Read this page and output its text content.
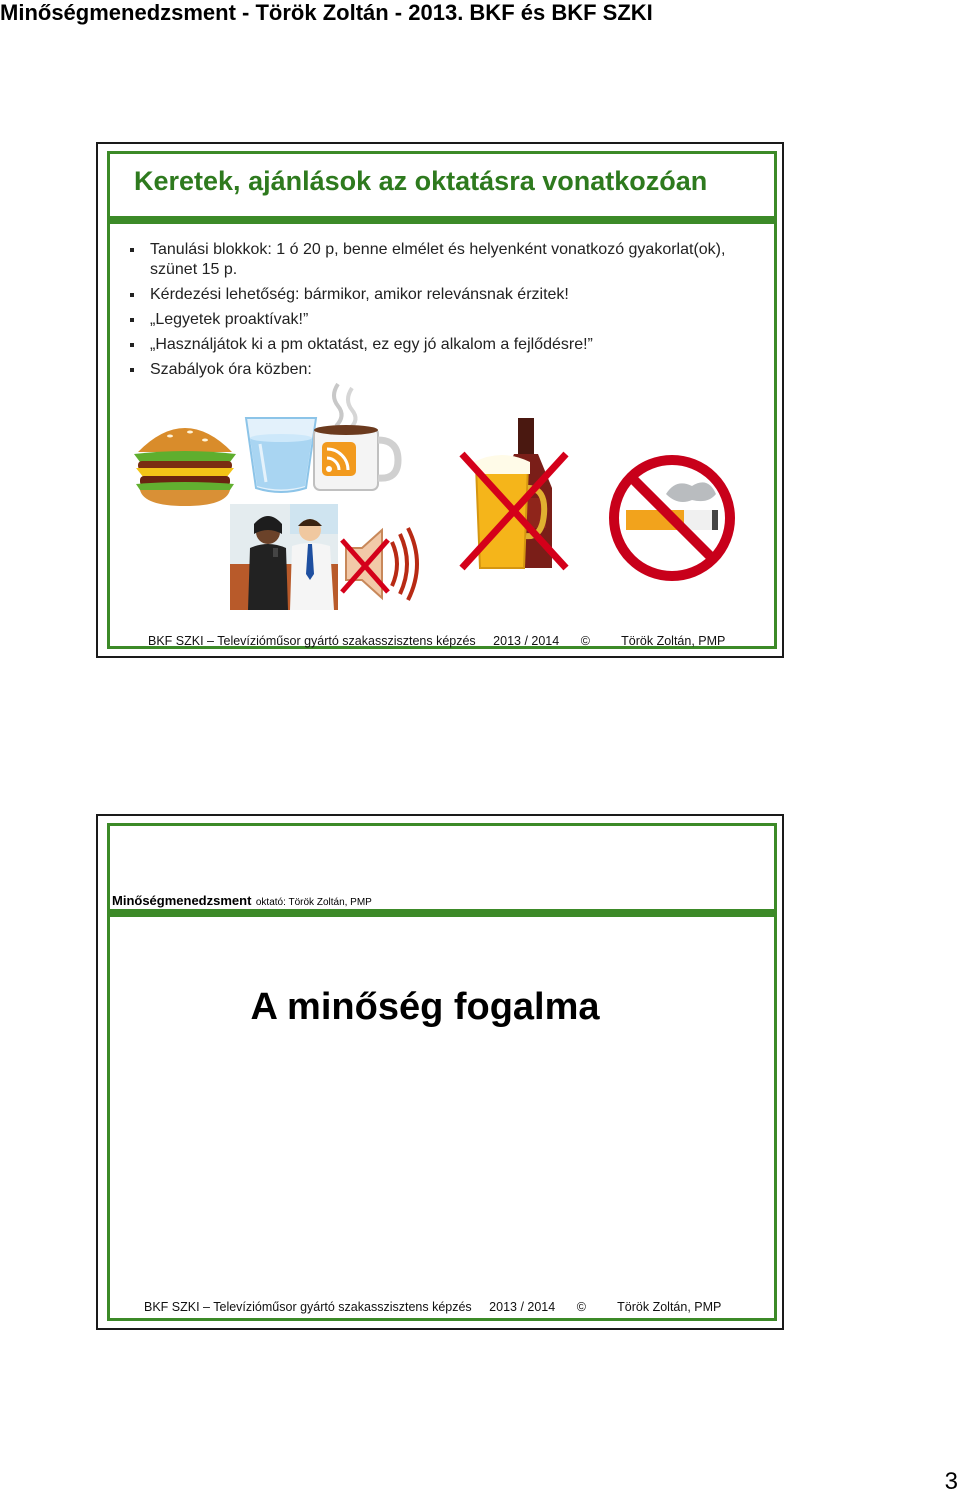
Minőségmenedzsment - Török Zoltán - 2013. BKF és BKF SZKI
Keretek, ajánlások az oktatásra vonatkozóan
Tanulási blokkok: 1 ó 20 p, benne elmélet és helyenként vonatkozó gyakorlat(ok), szünet 15 p.
Kérdezési lehetőség: bármikor, amikor relevánsnak érzitek!
„Legyetek proaktívak!”
„Használjátok ki a pm oktatást, ez egy jó alkalom a fejlődésre!”
Szabályok óra közben:
BKF SZKI – Televízióműsor gyártó szakasszisztens képzés 2013 / 2014 ©	Török Zoltán, PMP
Minőségmenedzsment oktató: Török Zoltán, PMP
A minőség fogalma
BKF SZKI – Televízióműsor gyártó szakasszisztens képzés 2013 / 2014 ©	Török Zoltán, PMP
3
